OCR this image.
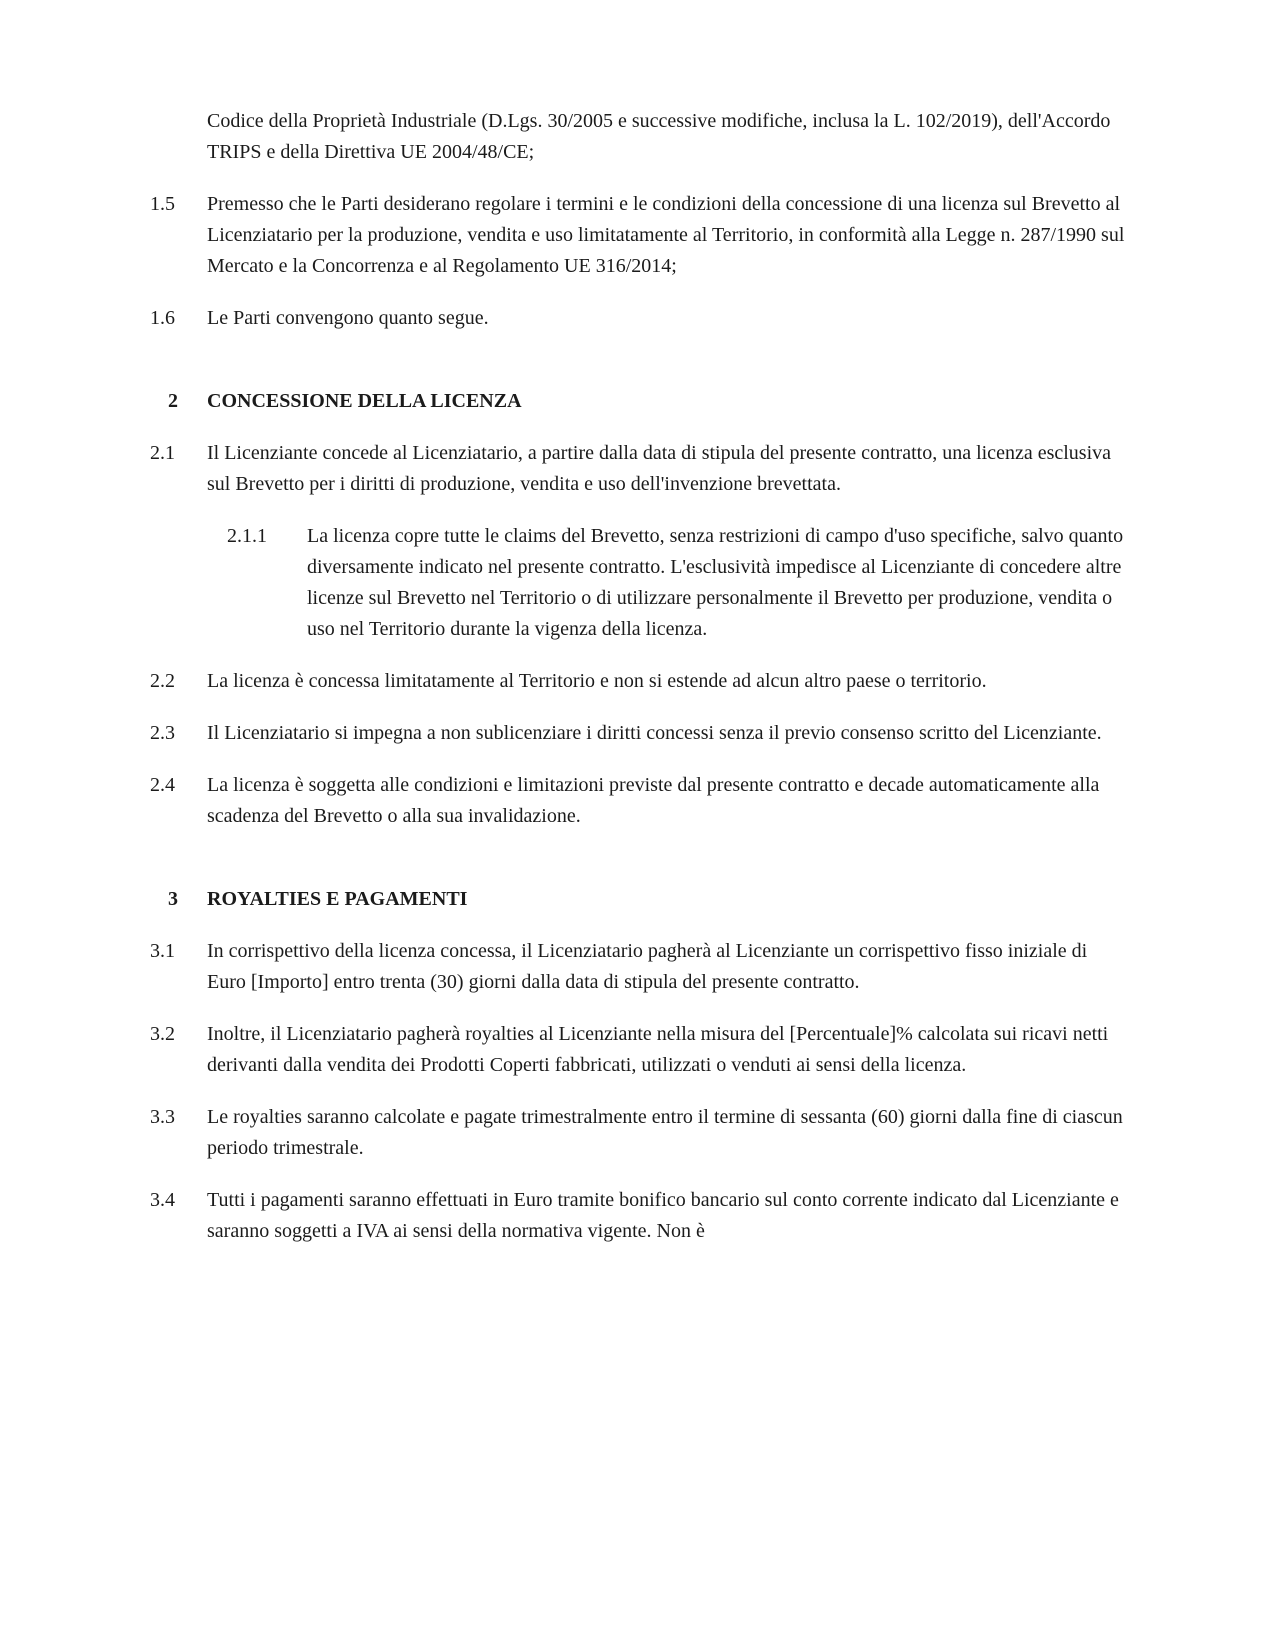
Codice della Proprietà Industriale (D.Lgs. 30/2005 e successive modifiche, inclusa la L. 102/2019), dell'Accordo TRIPS e della Direttiva UE 2004/48/CE;
1.5	Premesso che le Parti desiderano regolare i termini e le condizioni della concessione di una licenza sul Brevetto al Licenziatario per la produzione, vendita e uso limitatamente al Territorio, in conformità alla Legge n. 287/1990 sul Mercato e la Concorrenza e al Regolamento UE 316/2014;
1.6	Le Parti convengono quanto segue.
2	CONCESSIONE DELLA LICENZA
2.1	Il Licenziante concede al Licenziatario, a partire dalla data di stipula del presente contratto, una licenza esclusiva sul Brevetto per i diritti di produzione, vendita e uso dell'invenzione brevettata.
2.1.1	La licenza copre tutte le claims del Brevetto, senza restrizioni di campo d'uso specifiche, salvo quanto diversamente indicato nel presente contratto. L'esclusività impedisce al Licenziante di concedere altre licenze sul Brevetto nel Territorio o di utilizzare personalmente il Brevetto per produzione, vendita o uso nel Territorio durante la vigenza della licenza.
2.2	La licenza è concessa limitatamente al Territorio e non si estende ad alcun altro paese o territorio.
2.3	Il Licenziatario si impegna a non sublicenziare i diritti concessi senza il previo consenso scritto del Licenziante.
2.4	La licenza è soggetta alle condizioni e limitazioni previste dal presente contratto e decade automaticamente alla scadenza del Brevetto o alla sua invalidazione.
3	ROYALTIES E PAGAMENTI
3.1	In corrispettivo della licenza concessa, il Licenziatario pagherà al Licenziante un corrispettivo fisso iniziale di Euro [Importo] entro trenta (30) giorni dalla data di stipula del presente contratto.
3.2	Inoltre, il Licenziatario pagherà royalties al Licenziante nella misura del [Percentuale]% calcolata sui ricavi netti derivanti dalla vendita dei Prodotti Coperti fabbricati, utilizzati o venduti ai sensi della licenza.
3.3	Le royalties saranno calcolate e pagate trimestralmente entro il termine di sessanta (60) giorni dalla fine di ciascun periodo trimestrale.
3.4	Tutti i pagamenti saranno effettuati in Euro tramite bonifico bancario sul conto corrente indicato dal Licenziante e saranno soggetti a IVA ai sensi della normativa vigente. Non è
